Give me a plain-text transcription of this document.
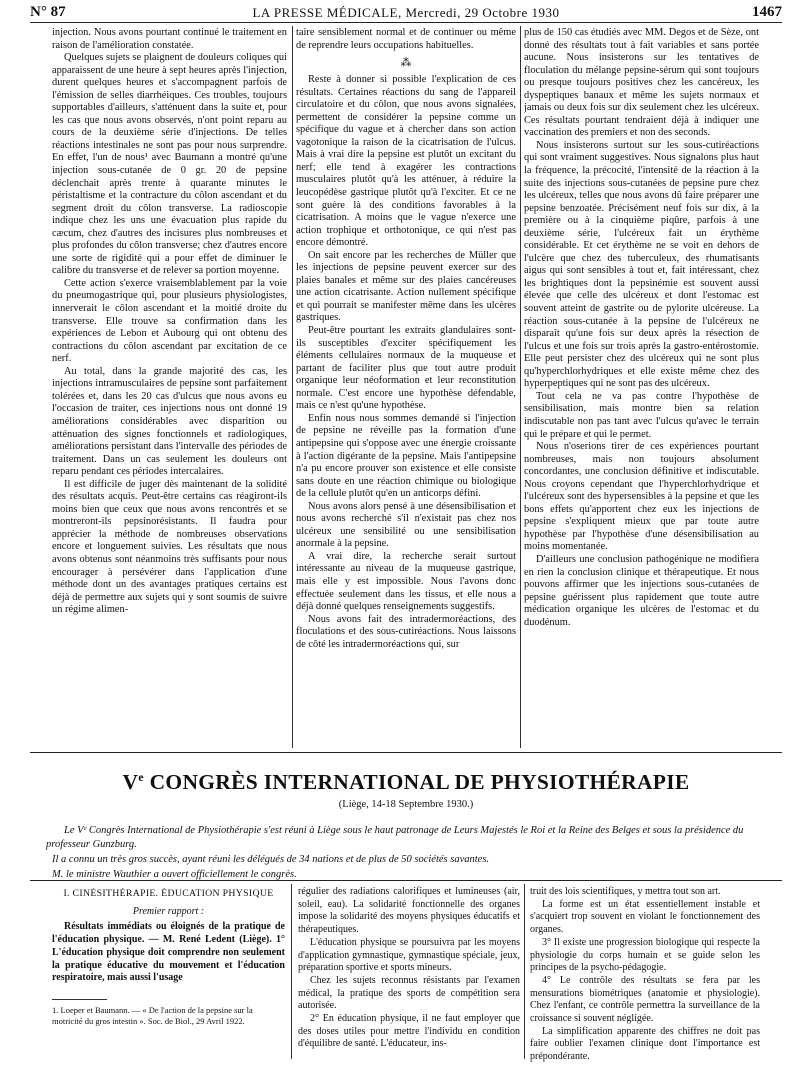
N° 87	LA PRESSE MÉDICALE, Mercredi, 29 Octobre 1930	1467

injection. Nous avons pourtant continué le traitement en raison de l'amélioration constatée.

Quelques sujets se plaignent de douleurs coliques qui apparaissent de une heure à sept heures après l'injection, durent quelques heures et s'accompagnent parfois de l'émission de selles diarrhéiques. Ces troubles, toujours supportables d'ailleurs, s'atténuent dans la suite et, pour les cas que nous avons observés, n'ont point reparu au cours de la deuxième série d'injections. De telles réactions intestinales ne sont pas pour nous surprendre. En effet, l'un de nous¹ avec Baumann a montré qu'une injection sous-cutanée de 0 gr. 20 de pepsine déclenchait après trente à quarante minutes le péristaltisme et la contracture du côlon ascendant et du segment droit du côlon transverse. La radioscopie indique chez les uns une évacuation plus rapide du cæcum, chez d'autres des incisures plus nombreuses et plus profondes du côlon transverse; chez d'autres encore une sorte de rigidité qui a pour effet de diminuer le calibre du transverse et de relever sa portion moyenne.

Cette action s'exerce vraisemblablement par la voie du pneumogastrique qui, pour plusieurs physiologistes, innerverait le côlon ascendant et la moitié droite du transverse. Elle trouve sa confirmation dans les expériences de Lebon et Aubourg qui ont obtenu des contractions du côlon ascendant par excitation de ce nerf.

Au total, dans la grande majorité des cas, les injections intramusculaires de pepsine sont parfaitement tolérées et, dans les 20 cas d'ulcus que nous avons eu l'occasion de traiter, ces injections nous ont donné 19 améliorations considérables avec disparition ou atténuation des signes fonctionnels et radiologiques, améliorations persistant dans l'intervalle des périodes de traitement. Dans un cas seulement les douleurs ont reparu pendant ces périodes intercalaires.

Il est difficile de juger dès maintenant de la solidité des résultats acquis. Peut-être certains cas réagiront-ils moins bien que ceux que nous avons rencontrés et se montreront-ils pepsinorésistants. Il faudra pour apprécier la méthode de nombreuses observations encore et longuement suivies. Les résultats que nous avons obtenus sont néanmoins très suffisants pour nous encourager à persévérer dans l'application d'une méthode dont un des avantages pratiques certains est déjà de permettre aux sujets qui y sont soumis de suivre un régime alimen-

taire sensiblement normal et de continuer ou même de reprendre leurs occupations habituelles.

⁂

Reste à donner si possible l'explication de ces résultats. Certaines réactions du sang de l'appareil circulatoire et du côlon, que nous avons signalées, permettent de considérer la pepsine comme un spécifique du vague et à chercher dans son action vagotonique la raison de la cicatrisation de l'ulcus. Mais à vrai dire la pepsine est plutôt un excitant du nerf; elle tend à exagérer les contractions musculaires plutôt qu'à les atténuer, à réduire la leucopédèse gastrique plutôt qu'à l'exciter. Et ce ne sont guère là des conditions favorables à la cicatrisation. A moins que le vague n'exerce une action trophique et orthotonique, ce qui n'est pas encore démontré.

On sait encore par les recherches de Müller que les injections de pepsine peuvent exercer sur des plaies banales et même sur des plaies cancéreuses une action cicatrisante. Action nullement spécifique et qui pourrait se manifester même dans les ulcères gastriques.

Peut-être pourtant les extraits glandulaires sont-ils susceptibles d'exciter spécifiquement les éléments cellulaires normaux de la muqueuse et partant de faciliter plus que tout autre produit organique leur néoformation et leur reconstitution normale. C'est encore une hypothèse défendable, mais ce n'est qu'une hypothèse.

Enfin nous nous sommes demandé si l'injection de pepsine ne réveille pas la formation d'une antipepsine qui s'oppose avec une énergie croissante à l'action digérante de la pepsine. Mais l'antipepsine n'a pu encore prouver son existence et elle consiste sans doute en une réaction chimique ou biologique de la cellule plutôt qu'en un anticorps défini.

Nous avons alors pensé à une désensibilisation et nous avons recherché s'il n'existait pas chez nos ulcéreux une sensibilité ou une sensibilisation anormale à la pepsine.

A vrai dire, la recherche serait surtout intéressante au niveau de la muqueuse gastrique, mais elle y est impossible. Nous l'avons donc effectuée seulement dans les tissus, et elle nous a déjà donné quelques renseignements suggestifs.

Nous avons fait des intradermoréactions, des floculations et des sous-cutiréactions. Nous laissons de côté les intradermoréactions qui, sur

plus de 150 cas étudiés avec MM. Degos et de Sèze, ont donné des résultats tout à fait variables et sans portée aucune. Nous insisterons sur les tentatives de floculation du mélange pepsine-sérum qui sont toujours ou presque toujours positives chez les cancéreux, les dyspeptiques banaux et même les sujets normaux et jamais ou deux fois sur dix seulement chez les ulcéreux. Ces résultats pourtant tendraient déjà à indiquer une vaccination des premiers et non des seconds.

Nous insisterons surtout sur les sous-cutiréactions qui sont vraiment suggestives. Nous signalons plus haut la fréquence, la précocité, l'intensité de la réaction à la suite des injections sous-cutanées de pepsine pure chez les ulcéreux, telles que nous avons dû faire préparer une pepsine benzoatée. Précisément neuf fois sur dix, à la première ou à la cinquième piqûre, parfois à une deuxième série, l'ulcéreux fait un érythème considérable. Et cet érythème ne se voit en dehors de l'ulcère que chez des tuberculeux, des rhumatisants aigus qui sont sensibles à tout et, fait intéressant, chez les brightiques dont la pepsinémie est souvent aussi élevée que celle des ulcéreux et dont l'estomac est souvent atteint de gastrite ou de pylorite ulcéreuse. La réaction sous-cutanée à la pepsine de l'ulcéreux ne disparaît qu'une fois sur deux après la résection de l'ulcus et une fois sur trois après la gastro-entérostomie. Elle peut persister chez des ulcéreux qui ne sont plus qu'hyperchlorhydriques et elle existe même chez des hyperpeptiques qui ne sont pas des ulcéreux.

Tout cela ne va pas contre l'hypothèse de sensibilisation, mais montre bien sa relation indiscutable non pas tant avec l'ulcus qu'avec le terrain qui le prépare et qui le permet.

Nous n'oserions tirer de ces expériences pourtant nombreuses, mais non toujours absolument concordantes, une conclusion définitive et indiscutable. Nous croyons cependant que l'hyperchlorhydrique et l'ulcéreux sont des hypersensibles à la pepsine et que les bons effets qu'apportent chez eux les injections de pepsine s'expliquent mieux que par toute autre hypothèse par l'hypothèse d'une désensibilisation au moins momentanée.

D'ailleurs une conclusion pathogénique ne modifiera en rien la conclusion clinique et thérapeutique. Et nous pouvons affirmer que les injections sous-cutanées de pepsine guérissent plus rapidement que toute autre médication organique les ulcères de l'estomac et du duodénum.

Ve CONGRÈS INTERNATIONAL DE PHYSIOTHÉRAPIE
(Liège, 14-18 Septembre 1930.)

Le Vᵉ Congrès International de Physiothérapie s'est réuni à Liège sous le haut patronage de Leurs Majestés le Roi et la Reine des Belges et sous la présidence du professeur Gunzburg.

Il a connu un très gros succès, ayant réuni les délégués de 34 nations et de plus de 50 sociétés savantes.

M. le ministre Wauthier a ouvert officiellement le congrès.

I. CINÉSITHÉRAPIE. ÉDUCATION PHYSIQUE

Premier rapport :

Résultats immédiats ou éloignés de la pratique de l'éducation physique. — M. René Ledent (Liège). 1° L'éducation physique doit comprendre non seulement la pratique éducative du mouvement et l'éducation respiratoire, mais aussi l'usage

1. Loeper et Baumann. — « De l'action de la pepsine sur la motricité du gros intestin ». Soc. de Biol., 29 Avril 1922.

régulier des radiations calorifiques et lumineuses (air, soleil, eau). La solidarité fonctionnelle des organes impose la solidarité des moyens physiques éducatifs et thérapeutiques.

L'éducation physique se poursuivra par les moyens d'application gymnastique, gymnastique spéciale, jeux, préparation sportive et sports mineurs.

Chez les sujets reconnus résistants par l'examen médical, la pratique des sports de compétition sera autorisée.

2° En éducation physique, il ne faut employer que des doses utiles pour mettre l'individu en condition d'équilibre de santé. L'éducateur, ins-

truit des lois scientifiques, y mettra tout son art.

La forme est un état essentiellement instable et s'acquiert trop souvent en violant le fonctionnement des organes.

3° Il existe une progression biologique qui respecte la physiologie du corps humain et se guide selon les principes de la psycho-pédagogie.

4° Le contrôle des résultats se fera par les mensurations biométriques (anatomie et physiologie). Chez l'enfant, ce contrôle permettra la surveillance de la croissance si souvent négligée.

La simplification apparente des chiffres ne doit pas faire oublier l'examen clinique dont l'importance est prépondérante.
